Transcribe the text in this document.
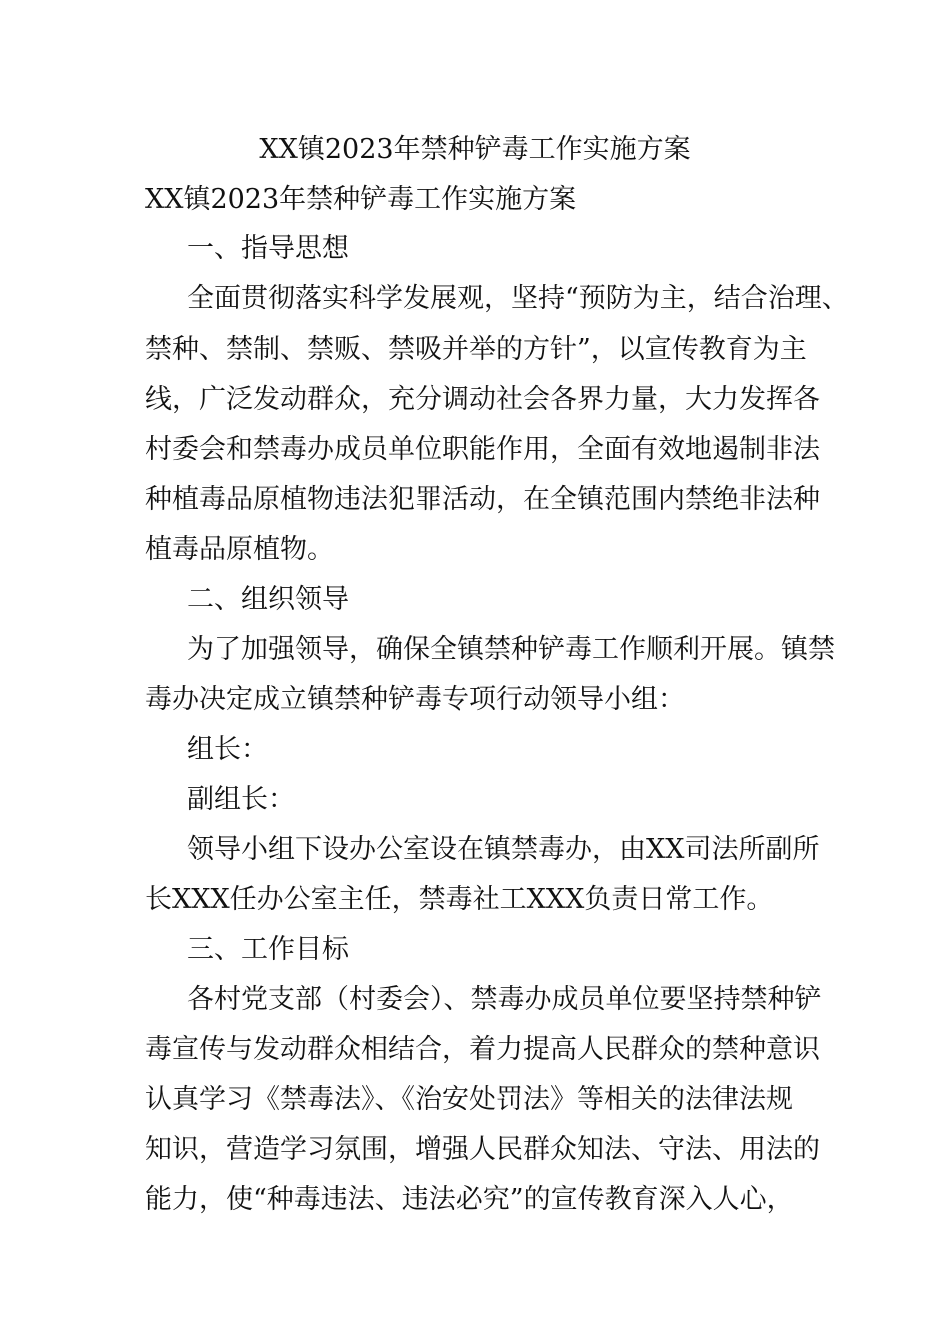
XX镇2023年禁种铲毒工作实施方案
XX镇2023年禁种铲毒工作实施方案
一、指导思想
全面贯彻落实科学发展观，坚持“预防为主，结合治理、
禁种、禁制、禁贩、禁吸并举的方针”，以宣传教育为主
线，广泛发动群众，充分调动社会各界力量，大力发挥各
村委会和禁毒办成员单位职能作用，全面有效地遏制非法
种植毒品原植物违法犯罪活动，在全镇范围内禁绝非法种
植毒品原植物。
二、组织领导
为了加强领导，确保全镇禁种铲毒工作顺利开展。镇禁
毒办决定成立镇禁种铲毒专项行动领导小组：
组长：
副组长：
领导小组下设办公室设在镇禁毒办，由XX司法所副所
长XXX任办公室主任，禁毒社工XXX负责日常工作。
三、工作目标
各村党支部（村委会）、禁毒办成员单位要坚持禁种铲
毒宣传与发动群众相结合，着力提高人民群众的禁种意识
认真学习《禁毒法》、《治安处罚法》等相关的法律法规
知识，营造学习氛围，增强人民群众知法、守法、用法的
能力，使“种毒违法、违法必究”的宣传教育深入人心，
